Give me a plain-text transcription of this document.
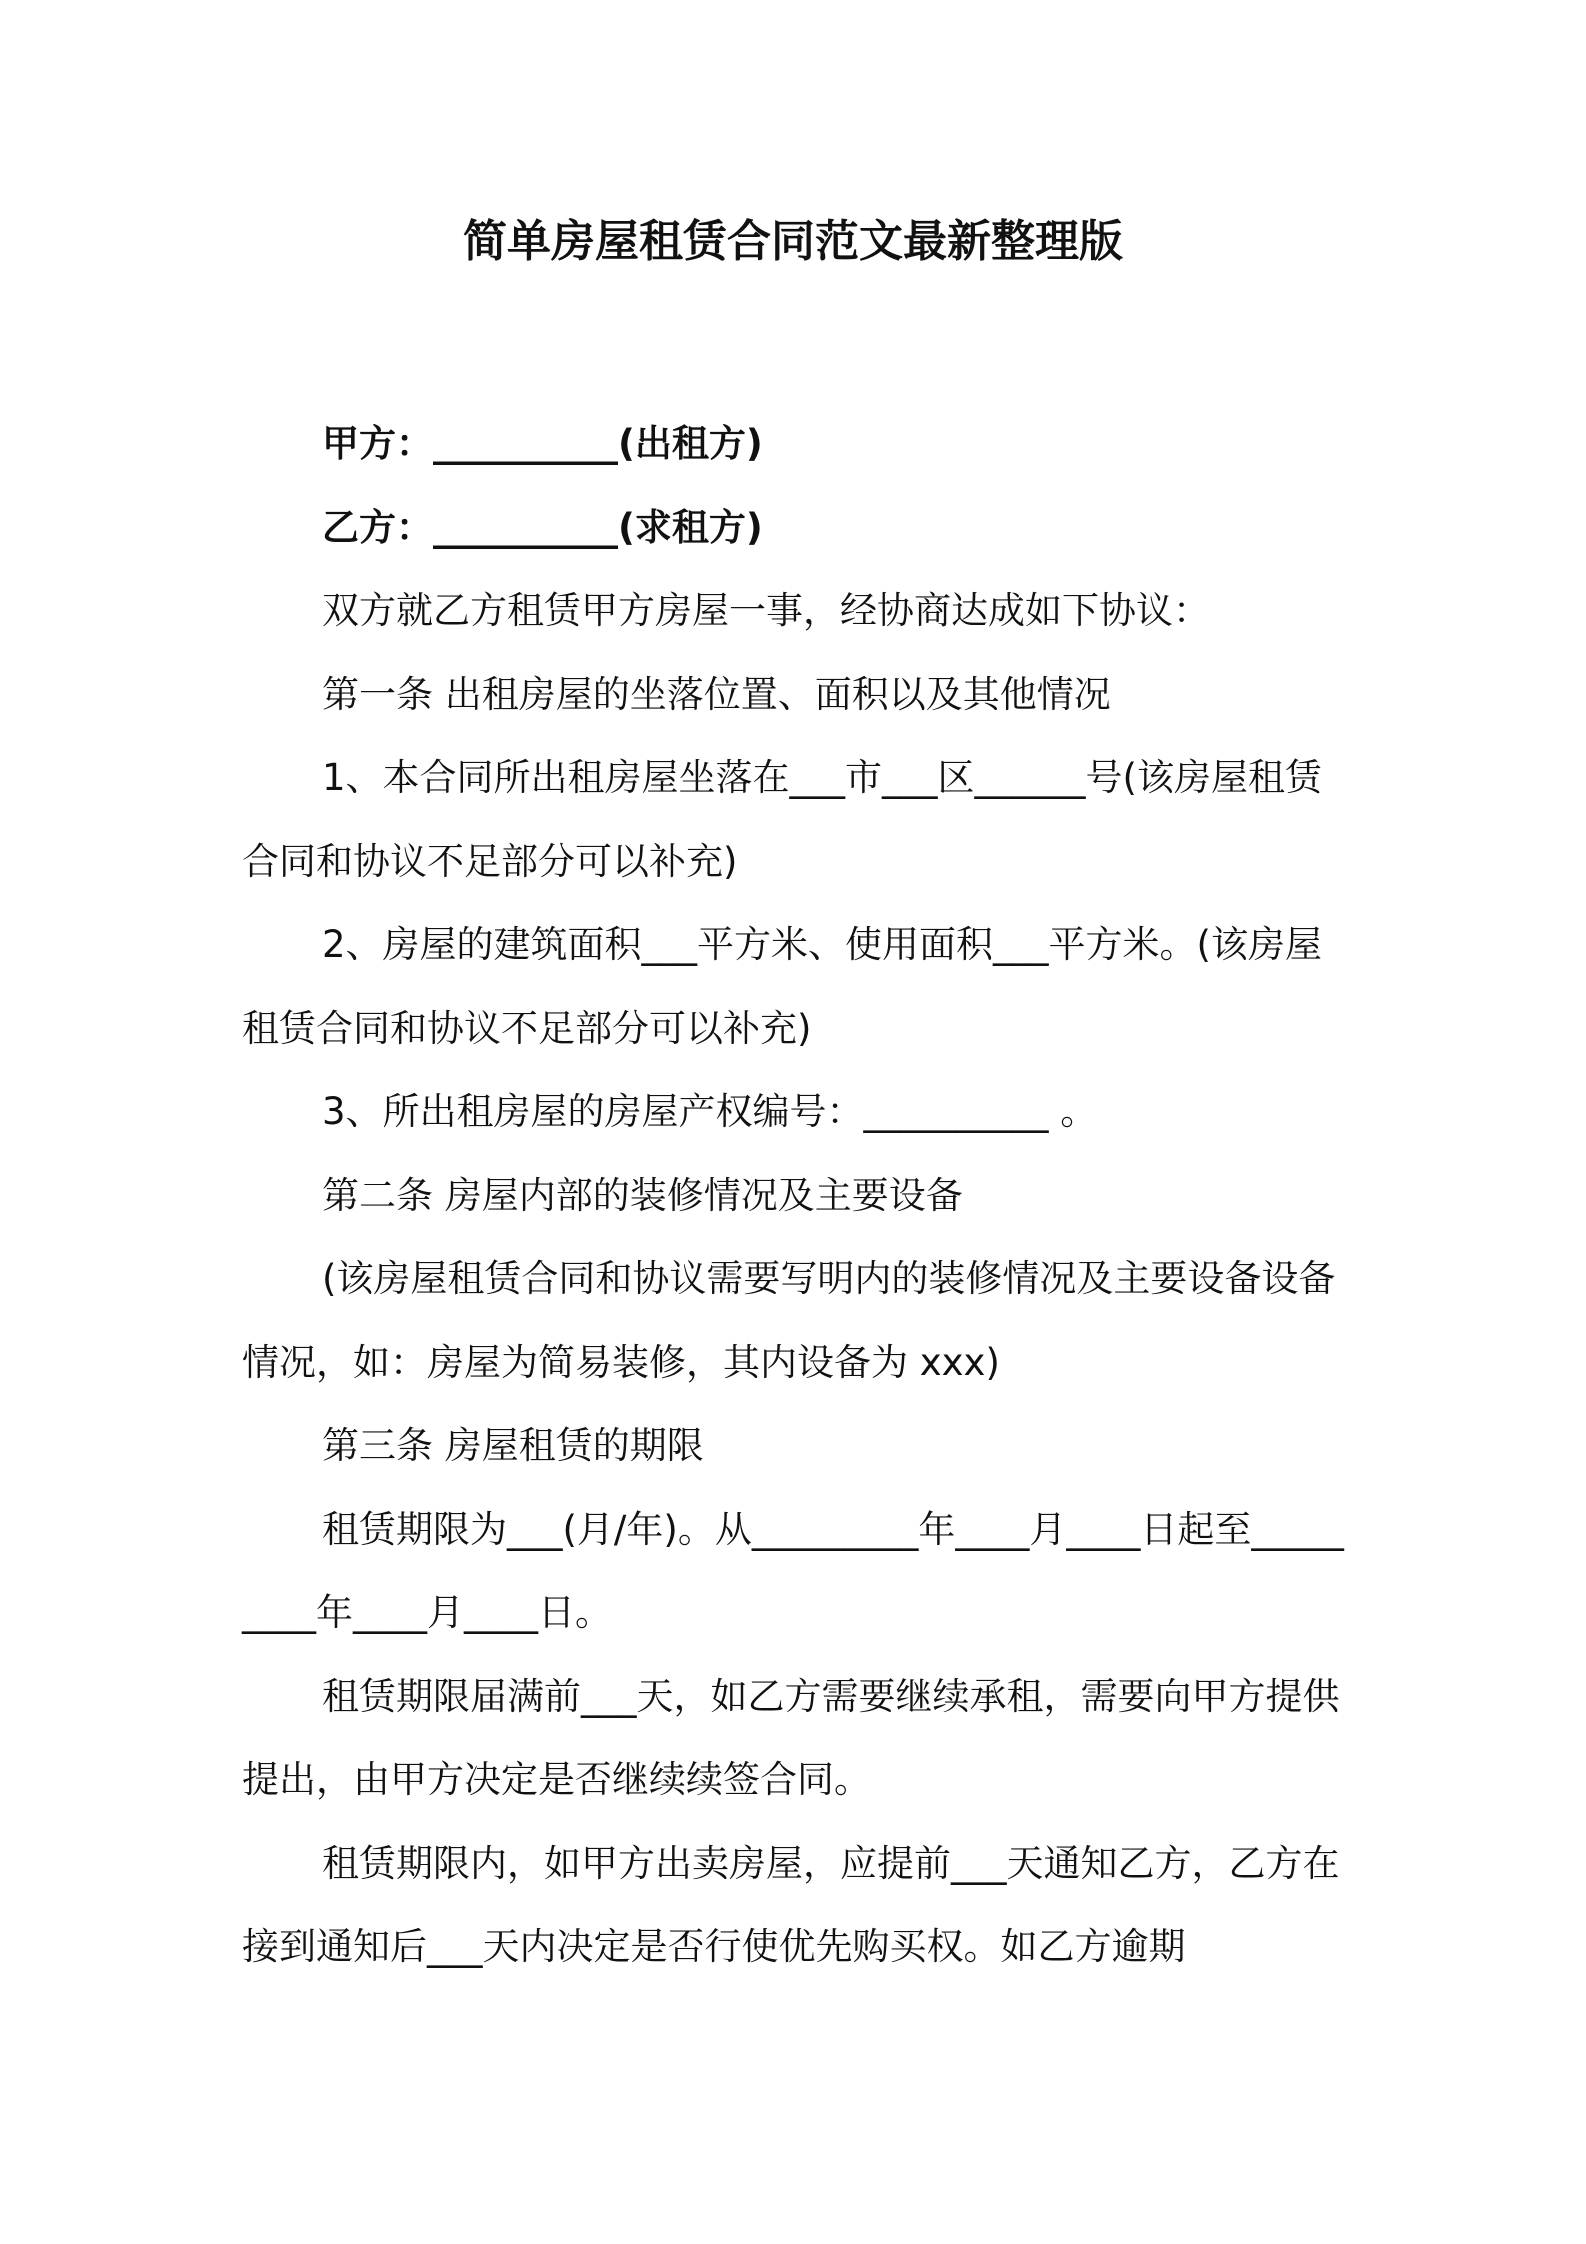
简单房屋租赁合同范文最新整理版

甲方：__________(出租方)

乙方：__________(求租方)

双方就乙方租赁甲方房屋一事，经协商达成如下协议：

第一条 出租房屋的坐落位置、面积以及其他情况

1、本合同所出租房屋坐落在___市___区______号(该房屋租赁合同和协议不足部分可以补充)

2、房屋的建筑面积___平方米、使用面积___平方米。(该房屋租赁合同和协议不足部分可以补充)

3、所出租房屋的房屋产权编号：__________ 。

第二条 房屋内部的装修情况及主要设备

(该房屋租赁合同和协议需要写明内的装修情况及主要设备设备情况，如：房屋为简易装修，其内设备为 xxx)

第三条 房屋租赁的期限

租赁期限为___(月/年)。从_________年____月____日起至_________年____月____日。

租赁期限届满前___天，如乙方需要继续承租，需要向甲方提供提出，由甲方决定是否继续续签合同。

租赁期限内，如甲方出卖房屋，应提前___天通知乙方，乙方在接到通知后___天内决定是否行使优先购买权。如乙方逾期
